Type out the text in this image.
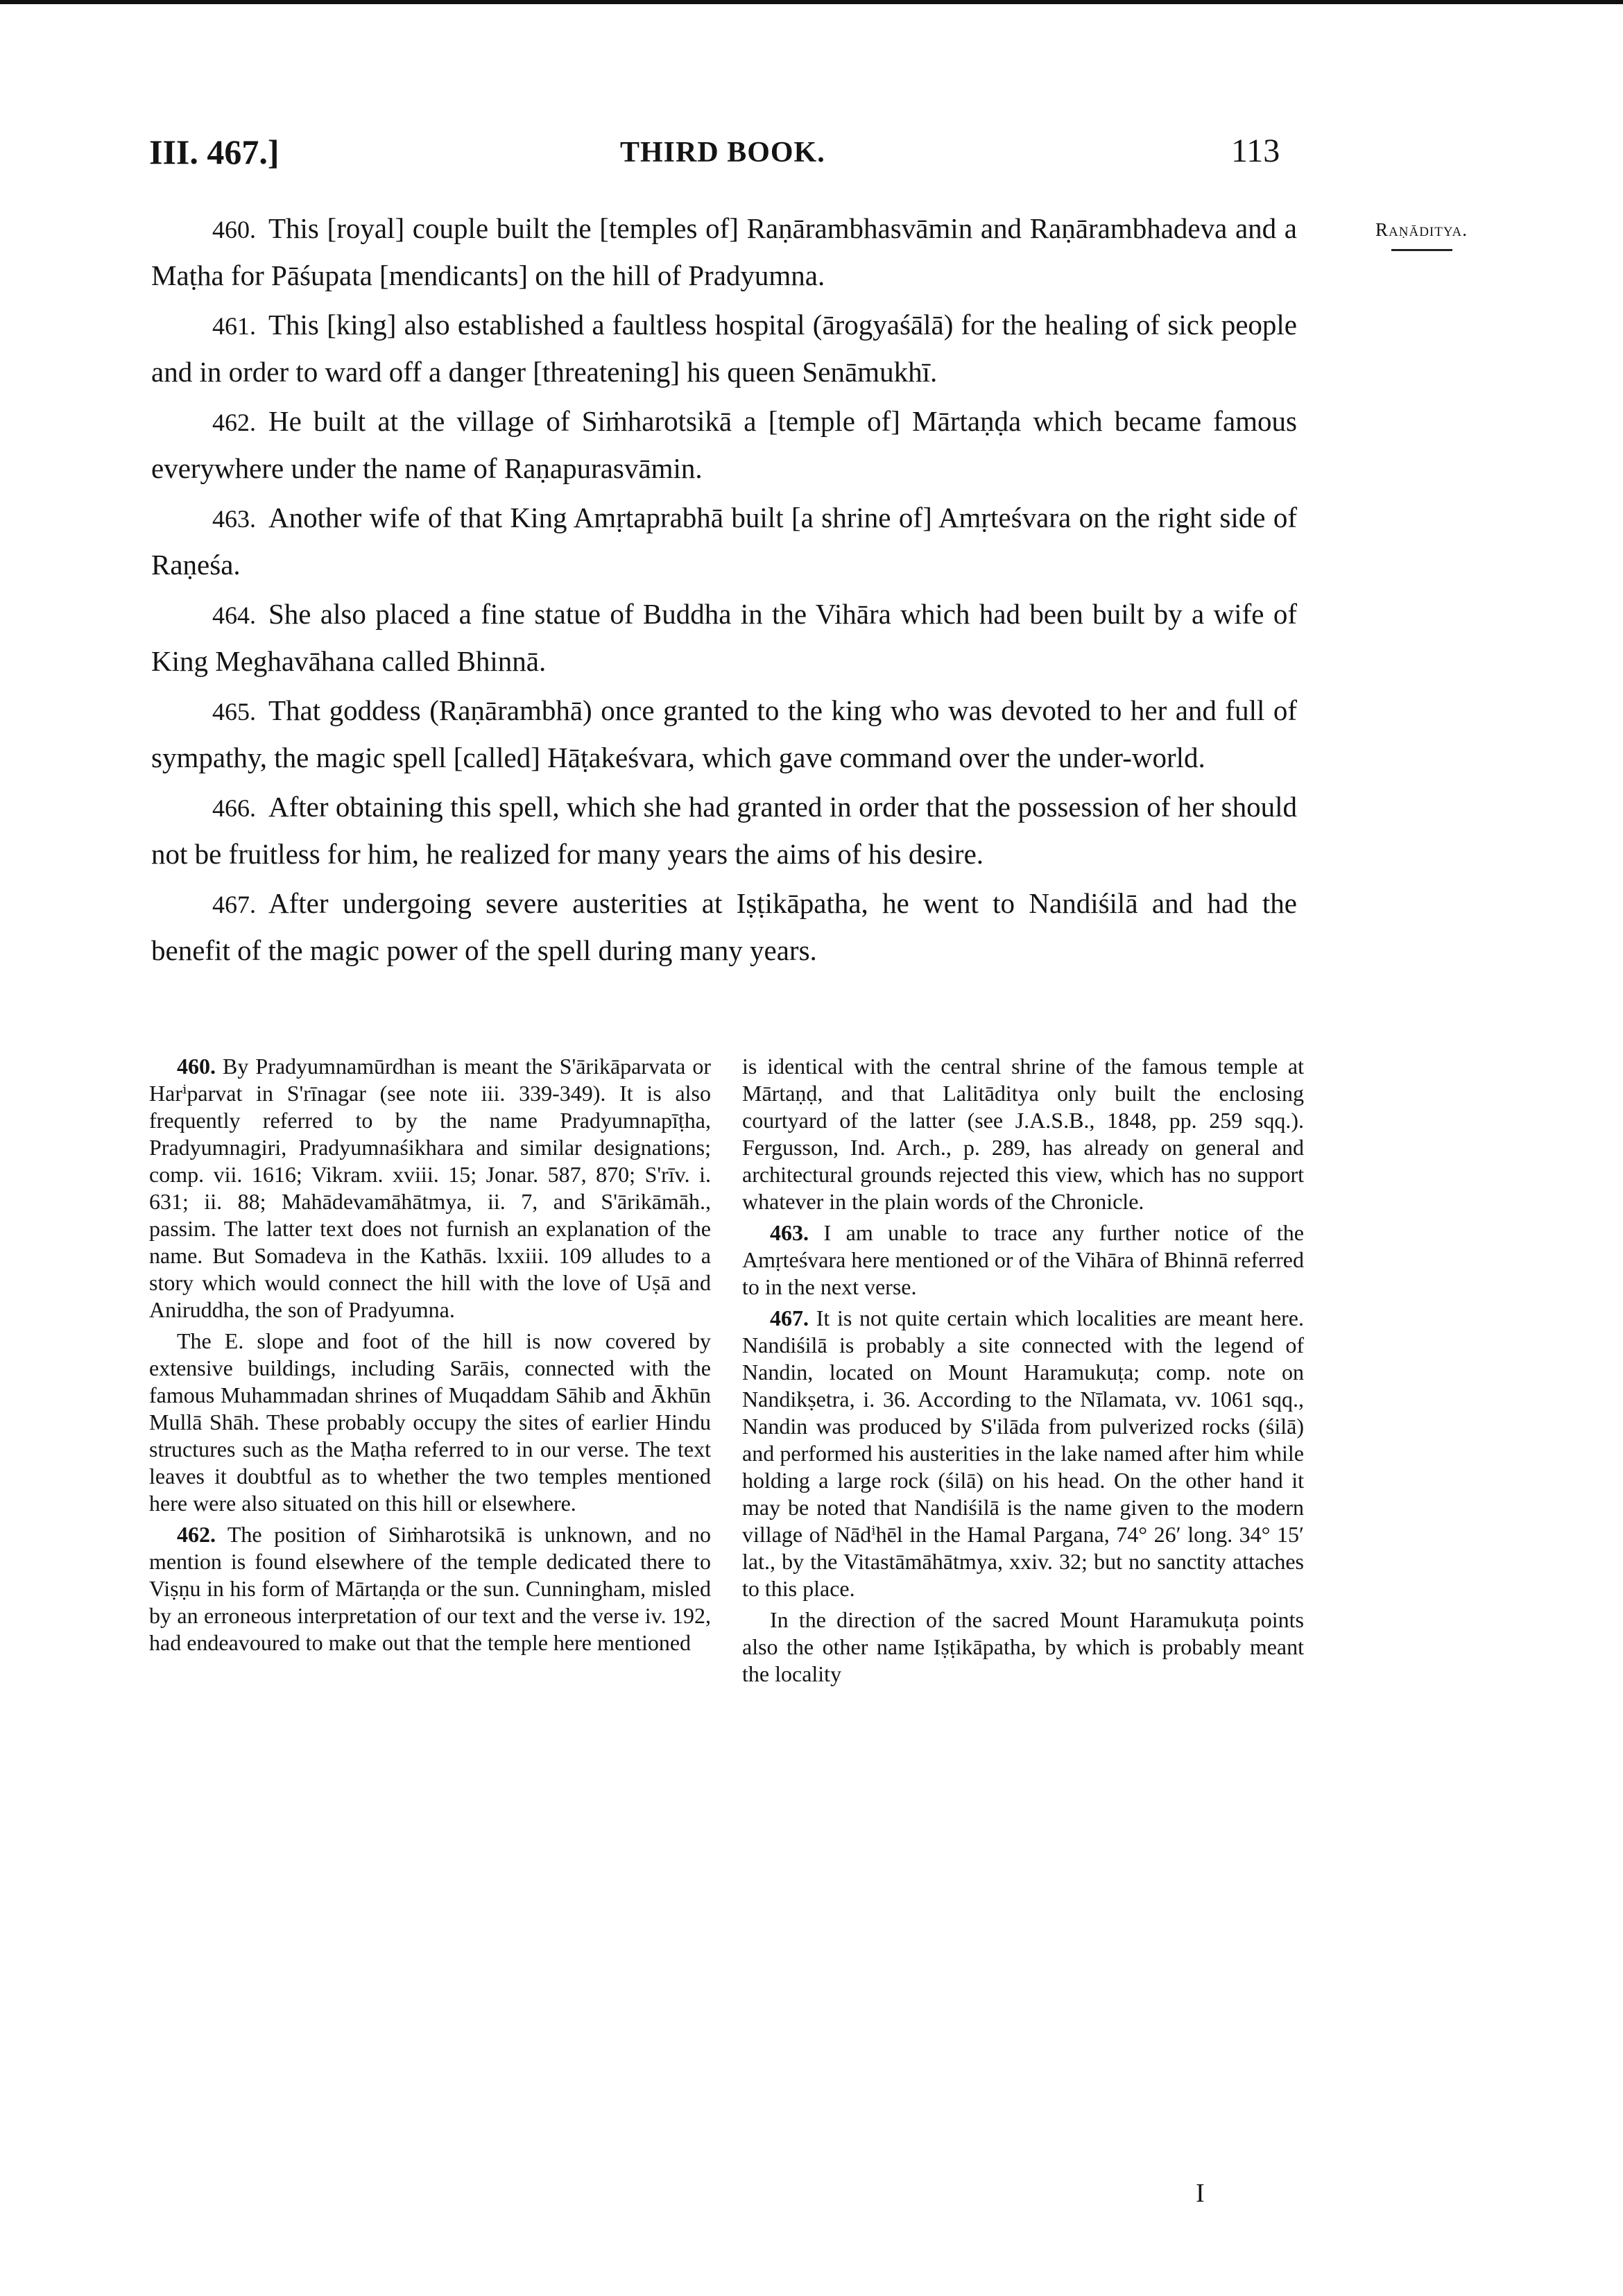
III. 467.]	THIRD BOOK.	113
Raṇāditya.

460. This [royal] couple built the [temples of] Raṇārambhasvāmin and Raṇārambhadeva and a Maṭha for Pāśupata [mendicants] on the hill of Pradyumna.

461. This [king] also established a faultless hospital (ārogyaśālā) for the healing of sick people and in order to ward off a danger [threatening] his queen Senāmukhī.

462. He built at the village of Siṁharotsikā a [temple of] Mārtaṇḍa which became famous everywhere under the name of Raṇapurasvāmin.

463. Another wife of that King Amṛtaprabhā built [a shrine of] Amṛteśvara on the right side of Raṇeśa.

464. She also placed a fine statue of Buddha in the Vihāra which had been built by a wife of King Meghavāhana called Bhinnā.

465. That goddess (Raṇārambhā) once granted to the king who was devoted to her and full of sympathy, the magic spell [called] Hāṭakeśvara, which gave command over the under-world.

466. After obtaining this spell, which she had granted in order that the possession of her should not be fruitless for him, he realized for many years the aims of his desire.

467. After undergoing severe austerities at Iṣṭikāpatha, he went to Nandiśilā and had the benefit of the magic power of the spell during many years.

460. By Pradyumnamūrdhan is meant the S'ārikāparvata or Harⁱparvat in S'rīnagar (see note iii. 339-349). It is also frequently referred to by the name Pradyumnapīṭha, Pradyumnagiri, Pradyumnaśikhara and similar designations; comp. vii. 1616; Vikram. xviii. 15; Jonar. 587, 870; S'rīv. i. 631; ii. 88; Mahādevamāhātmya, ii. 7, and S'ārikāmāh., passim. The latter text does not furnish an explanation of the name. But Somadeva in the Kathās. lxxiii. 109 alludes to a story which would connect the hill with the love of Uṣā and Aniruddha, the son of Pradyumna.

The E. slope and foot of the hill is now covered by extensive buildings, including Sarāis, connected with the famous Muhammadan shrines of Muqaddam Sāhib and Ākhūn Mullā Shāh. These probably occupy the sites of earlier Hindu structures such as the Maṭha referred to in our verse. The text leaves it doubtful as to whether the two temples mentioned here were also situated on this hill or elsewhere.

462. The position of Siṁharotsikā is unknown, and no mention is found elsewhere of the temple dedicated there to Viṣṇu in his form of Mārtaṇḍa or the sun. Cunningham, misled by an erroneous interpretation of our text and the verse iv. 192, had endeavoured to make out that the temple here mentioned

is identical with the central shrine of the famous temple at Mārtaṇḍ, and that Lalitāditya only built the enclosing courtyard of the latter (see J.A.S.B., 1848, pp. 259 sqq.). Fergusson, Ind. Arch., p. 289, has already on general and architectural grounds rejected this view, which has no support whatever in the plain words of the Chronicle.

463. I am unable to trace any further notice of the Amṛteśvara here mentioned or of the Vihāra of Bhinnā referred to in the next verse.

467. It is not quite certain which localities are meant here. Nandiśilā is probably a site connected with the legend of Nandin, located on Mount Haramukuṭa; comp. note on Nandikṣetra, i. 36. According to the Nīlamata, vv. 1061 sqq., Nandin was produced by S'ilāda from pulverized rocks (śilā) and performed his austerities in the lake named after him while holding a large rock (śilā) on his head. On the other hand it may be noted that Nandiśilā is the name given to the modern village of Nādⁱhēl in the Hamal Pargana, 74° 26′ long. 34° 15′ lat., by the Vitastāmāhātmya, xxiv. 32; but no sanctity attaches to this place.

In the direction of the sacred Mount Haramukuṭa points also the other name Iṣṭikāpatha, by which is probably meant the locality

I
